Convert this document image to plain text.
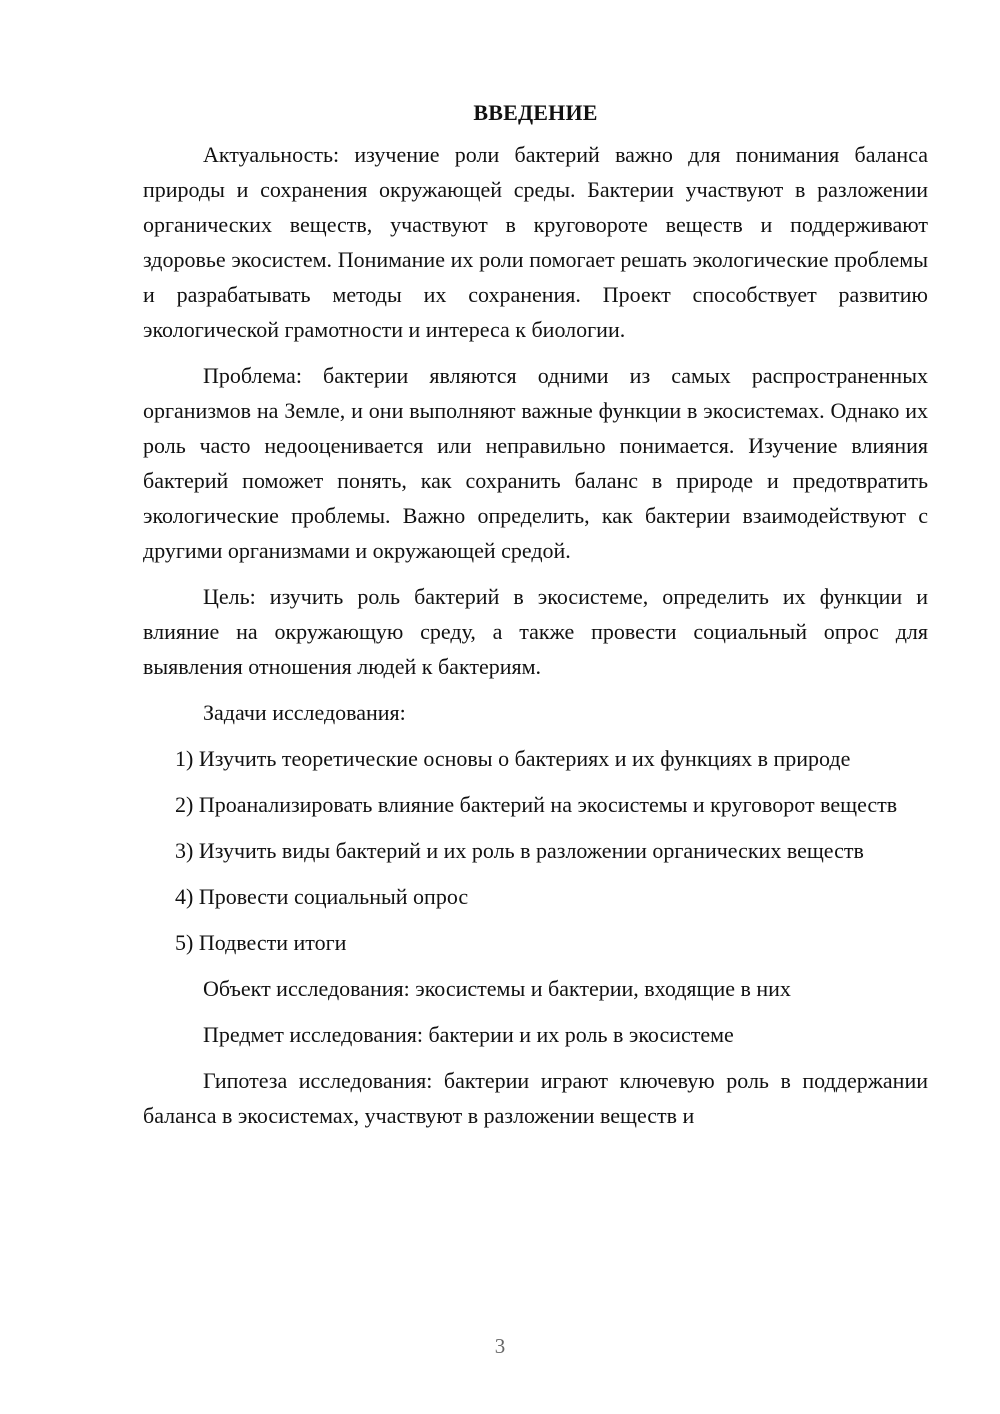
ВВЕДЕНИЕ
Актуальность: изучение роли бактерий важно для понимания баланса природы и сохранения окружающей среды. Бактерии участвуют в разложении органических веществ, участвуют в круговороте веществ и поддерживают здоровье экосистем. Понимание их роли помогает решать экологические проблемы и разрабатывать методы их сохранения. Проект способствует развитию экологической грамотности и интереса к биологии.
Проблема: бактерии являются одними из самых распространенных организмов на Земле, и они выполняют важные функции в экосистемах. Однако их роль часто недооценивается или неправильно понимается. Изучение влияния бактерий поможет понять, как сохранить баланс в природе и предотвратить экологические проблемы. Важно определить, как бактерии взаимодействуют с другими организмами и окружающей средой.
Цель: изучить роль бактерий в экосистеме, определить их функции и влияние на окружающую среду, а также провести социальный опрос для выявления отношения людей к бактериям.
Задачи исследования:
1) Изучить теоретические основы о бактериях и их функциях в природе
2) Проанализировать влияние бактерий на экосистемы и круговорот веществ
3) Изучить виды бактерий и их роль в разложении органических веществ
4) Провести социальный опрос
5) Подвести итоги
Объект исследования: экосистемы и бактерии, входящие в них
Предмет исследования: бактерии и их роль в экосистеме
Гипотеза исследования: бактерии играют ключевую роль в поддержании баланса в экосистемах, участвуют в разложении веществ и
3
